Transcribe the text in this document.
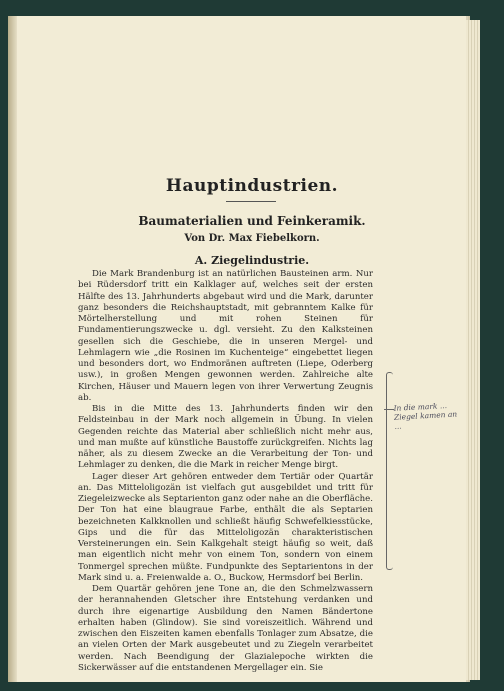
Hauptindustrien.
Baumaterialien und Feinkeramik.
Von Dr. Max Fiebelkorn.
A. Ziegelindustrie.

Die Mark Brandenburg ist an natürlichen Bausteinen arm. Nur bei Rüdersdorf tritt ein Kalklager auf, welches seit der ersten Hälfte des 13. Jahrhunderts abgebaut wird und die Mark, darunter ganz besonders die Reichshauptstadt, mit gebranntem Kalke für Mörtelherstellung und mit rohen Steinen für Fundamentierungszwecke u. dgl. versieht. Zu den Kalksteinen gesellen sich die Geschiebe, die in unseren Mergel- und Lehmlagern wie „die Rosinen im Kuchenteige“ eingebettet liegen und besonders dort, wo Endmoränen auftreten (Liepe, Oderberg usw.), in großen Mengen gewonnen werden. Zahlreiche alte Kirchen, Häuser und Mauern legen von ihrer Verwertung Zeugnis ab.

Bis in die Mitte des 13. Jahrhunderts finden wir den Feldsteinbau in der Mark noch allgemein in Übung. In vielen Gegenden reichte das Material aber schließlich nicht mehr aus, und man mußte auf künstliche Baustoffe zurückgreifen. Nichts lag näher, als zu diesem Zwecke an die Verarbeitung der Ton- und Lehmlager zu denken, die die Mark in reicher Menge birgt.

Lager dieser Art gehören entweder dem Tertiär oder Quartär an. Das Mitteloligozän ist vielfach gut ausgebildet und tritt für Ziegeleizwecke als Septarienton ganz oder nahe an die Oberfläche. Der Ton hat eine blaugraue Farbe, enthält die als Septarien bezeichneten Kalkknollen und schließt häufig Schwefelkiesstücke, Gips und die für das Mitteloligozän charakteristischen Versteinerungen ein. Sein Kalkgehalt steigt häufig so weit, daß man eigentlich nicht mehr von einem Ton, sondern von einem Tonmergel sprechen müßte. Fundpunkte des Septarientons in der Mark sind u. a. Freienwalde a. O., Buckow, Hermsdorf bei Berlin.

Dem Quartär gehören jene Tone an, die den Schmelzwassern der herannahenden Gletscher ihre Entstehung verdanken und durch ihre eigenartige Ausbildung den Namen Bändertone erhalten haben (Glindow). Sie sind voreiszeitlich. Während und zwischen den Eiszeiten kamen ebenfalls Tonlager zum Absatze, die an vielen Orten der Mark ausgebeutet und zu Ziegeln verarbeitet werden. Nach Beendigung der Glazialepoche wirkten die Sickerwässer auf die entstandenen Mergellager ein. Sie

In die mark ... Ziegel kamen an ...
